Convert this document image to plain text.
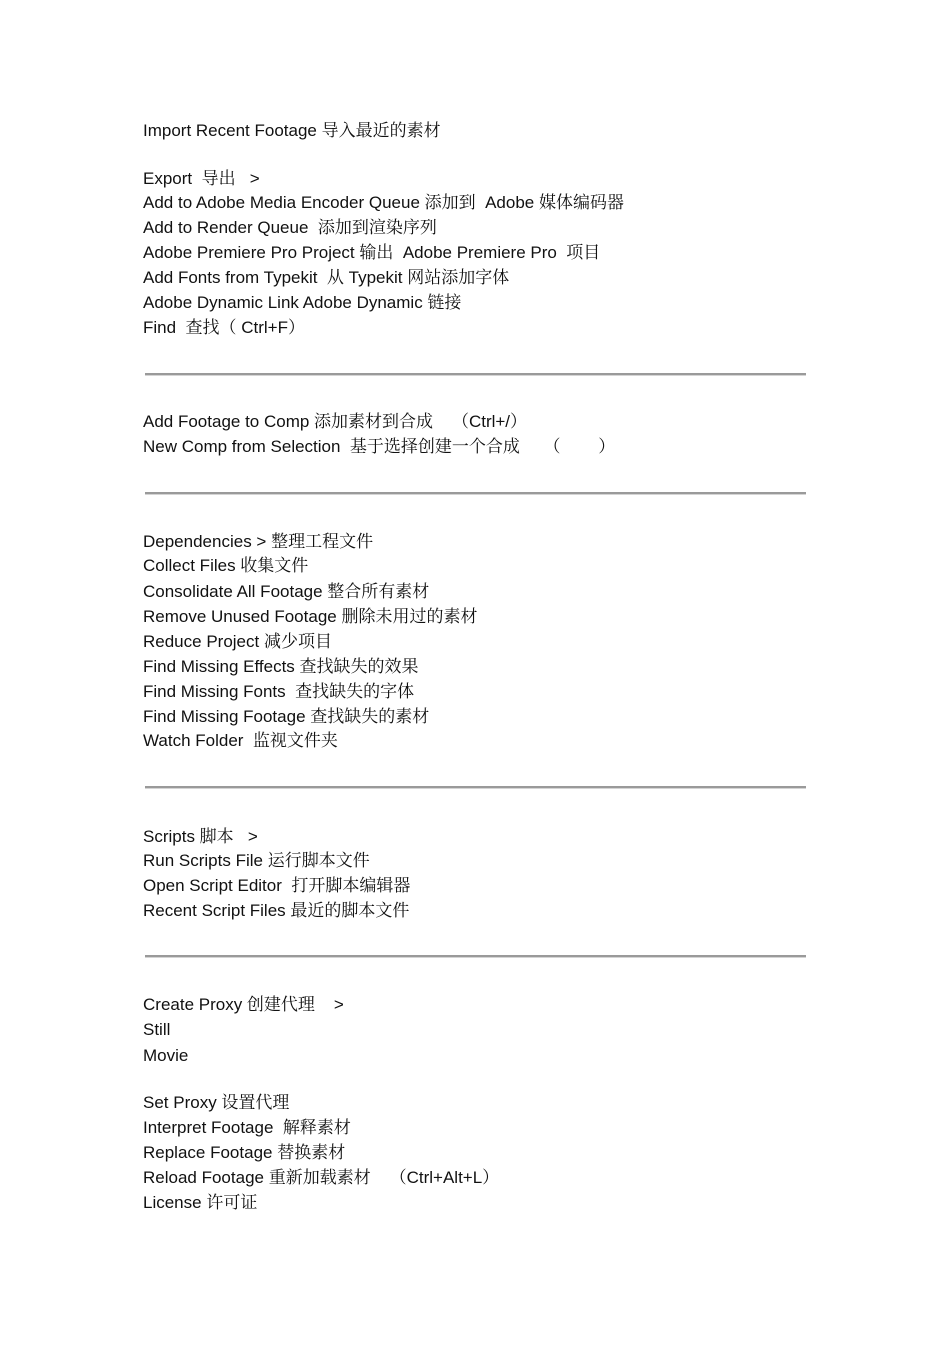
Import Recent Footage 导入最近的素材
Export  导出   >
Add to Adobe Media Encoder Queue 添加到  Adobe 媒体编码器
Add to Render Queue  添加到渲染序列
Adobe Premiere Pro Project 输出  Adobe Premiere Pro  项目
Add Fonts from Typekit  从 Typekit 网站添加字体
Adobe Dynamic Link Adobe Dynamic 链接
Find  查找（ Ctrl+F）
Add Footage to Comp 添加素材到合成    （Ctrl+/）
New Comp from Selection  基于选择创建一个合成     （        ）
Dependencies > 整理工程文件
Collect Files 收集文件
Consolidate All Footage 整合所有素材
Remove Unused Footage 删除未用过的素材
Reduce Project 减少项目
Find Missing Effects 查找缺失的效果
Find Missing Fonts  查找缺失的字体
Find Missing Footage 查找缺失的素材
Watch Folder  监视文件夹
Scripts 脚本   >
Run Scripts File 运行脚本文件
Open Script Editor  打开脚本编辑器
Recent Script Files 最近的脚本文件
Create Proxy 创建代理    >
Still
Movie
Set Proxy 设置代理
Interpret Footage  解释素材
Replace Footage 替换素材
Reload Footage 重新加载素材    （Ctrl+Alt+L）
License 许可证
